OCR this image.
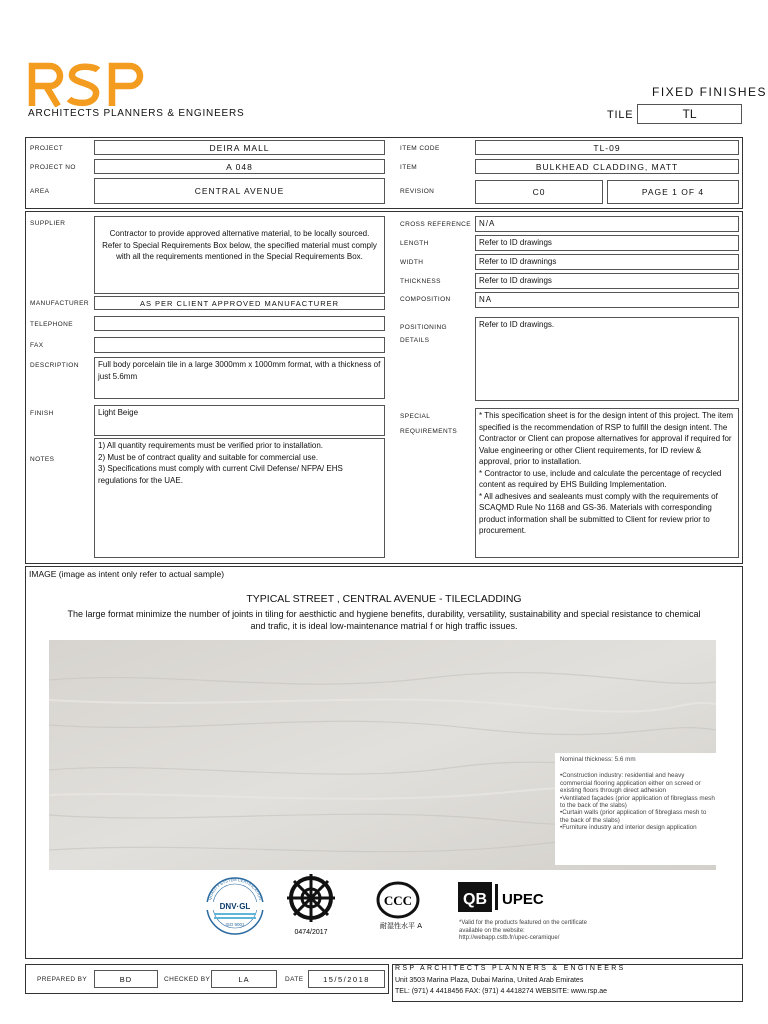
ARCHITECTS PLANNERS & ENGINEERS
FIXED FINISHES
TILE	TL
PROJECT	DEIRA MALL
PROJECT NO	A 048
AREA	CENTRAL AVENUE
ITEM CODE	TL-09
ITEM	BULKHEAD CLADDING, MATT
REVISION	C0	PAGE 1 OF 4
SUPPLIER
Contractor to provide approved alternative material, to be locally sourced. Refer to Special Requirements Box below, the specified material must comply with all the requirements mentioned in the Special Requirements Box.
MANUFACTURER	AS PER CLIENT APPROVED MANUFACTURER
TELEPHONE
FAX
DESCRIPTION	Full body porcelain tile in a large 3000mm x 1000mm format, with a thickness of just 5.6mm
FINISH	Light Beige
NOTES
1) All quantity requirements must be verified prior to installation.
2) Must be of contract quality and suitable for commercial use.
3) Specifications must comply with current Civil Defense/ NFPA/ EHS regulations for the UAE.
CROSS REFERENCE N/A
LENGTH	Refer to ID drawings
WIDTH	Refer to ID drawnings
THICKNESS	Refer to ID drawings
COMPOSITION	NA
POSITIONING
DETAILS
Refer to ID drawings.
SPECIAL
REQUIREMENTS
* This specification sheet is for the design intent of this project. The item specified is the recommendation of RSP to fulfill the design intent. The Contractor or Client can propose alternatives for approval if required for Value engineering or other Client requirements, for ID review & approval, prior to installation.
* Contractor to use, include and calculate the percentage of recycled content as required by EHS Building Implementation.
* All adhesives and sealeants must comply with the requirements of SCAQMD Rule No 1168 and GS-36. Materials with corresponding product information shall be submitted to Client for review prior to procurement.
IMAGE (image as intent only refer to actual sample)
TYPICAL STREET , CENTRAL AVENUE - TILECLADDING
The large format minimize the number of joints in tiling for aesthictic and hygiene benefits, durability, versatility, sustainability and special resistance to chemical and trafic, it is ideal low-maintenance matrial f or high traffic issues.
Nominal thickness: 5.6 mm
•Construction industry: residential and heavy commercial flooring application either on screed or existing floors through direct adhesion
•Ventilated façades (prior application of fibreglass mesh to the back of the slabs)
•Curtain walls (prior application of fibreglass mesh to the back of the slabs)
•Furniture industry and interior design application
QUALITY SYSTEM CERTIFICATION
DNV·GL
ISO 9001
0474/2017
CCC
耐湿性水平 A
QB UPEC
*Valid for the products featured on the certificate available on the website: http://webapp.cstb.fr/upec-ceramique/
PREPARED BY	BD	CHECKED BY	LA	DATE	15/5/2018
RSP ARCHITECTS PLANNERS & ENGINEERS
Unit 3503 Marina Plaza, Dubai Marina, United Arab Emirates
TEL: (971) 4 4418456 FAX: (971) 4 4418274 WEBSITE: www.rsp.ae
